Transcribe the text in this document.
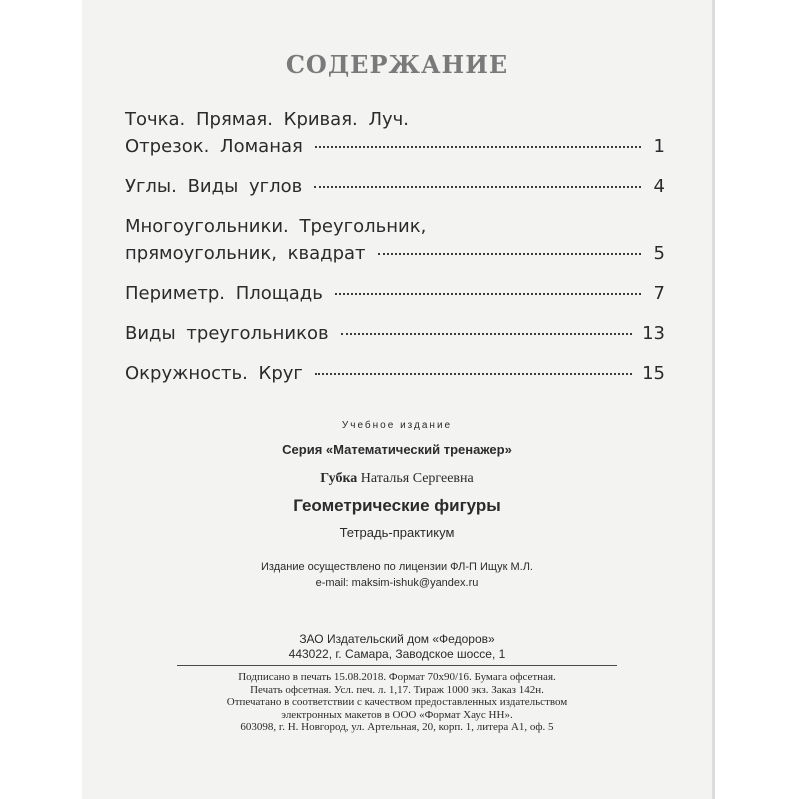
СОДЕРЖАНИЕ
Точка. Прямая. Кривая. Луч.
Отрезок. Ломаная	1
Углы. Виды углов	4
Многоугольники. Треугольник,
прямоугольник, квадрат	5
Периметр. Площадь	7
Виды треугольников	13
Окружность. Круг	15
Учебное издание
Серия «Математический тренажер»
Губка Наталья Сергеевна
Геометрические фигуры
Тетрадь-практикум
Издание осуществлено по лицензии ФЛ-П Ищук М.Л.
e-mail: maksim-ishuk@yandex.ru
ЗАО Издательский дом «Федоров»
443022, г. Самара, Заводское шоссе, 1
Подписано в печать 15.08.2018. Формат 70х90/16. Бумага офсетная.
Печать офсетная. Усл. печ. л. 1,17. Тираж 1000 экз. Заказ 142н.
Отпечатано в соответствии с качеством предоставленных издательством
электронных макетов в ООО «Формат Хаус НН».
603098, г. Н. Новгород, ул. Артельная, 20, корп. 1, литера А1, оф. 5
